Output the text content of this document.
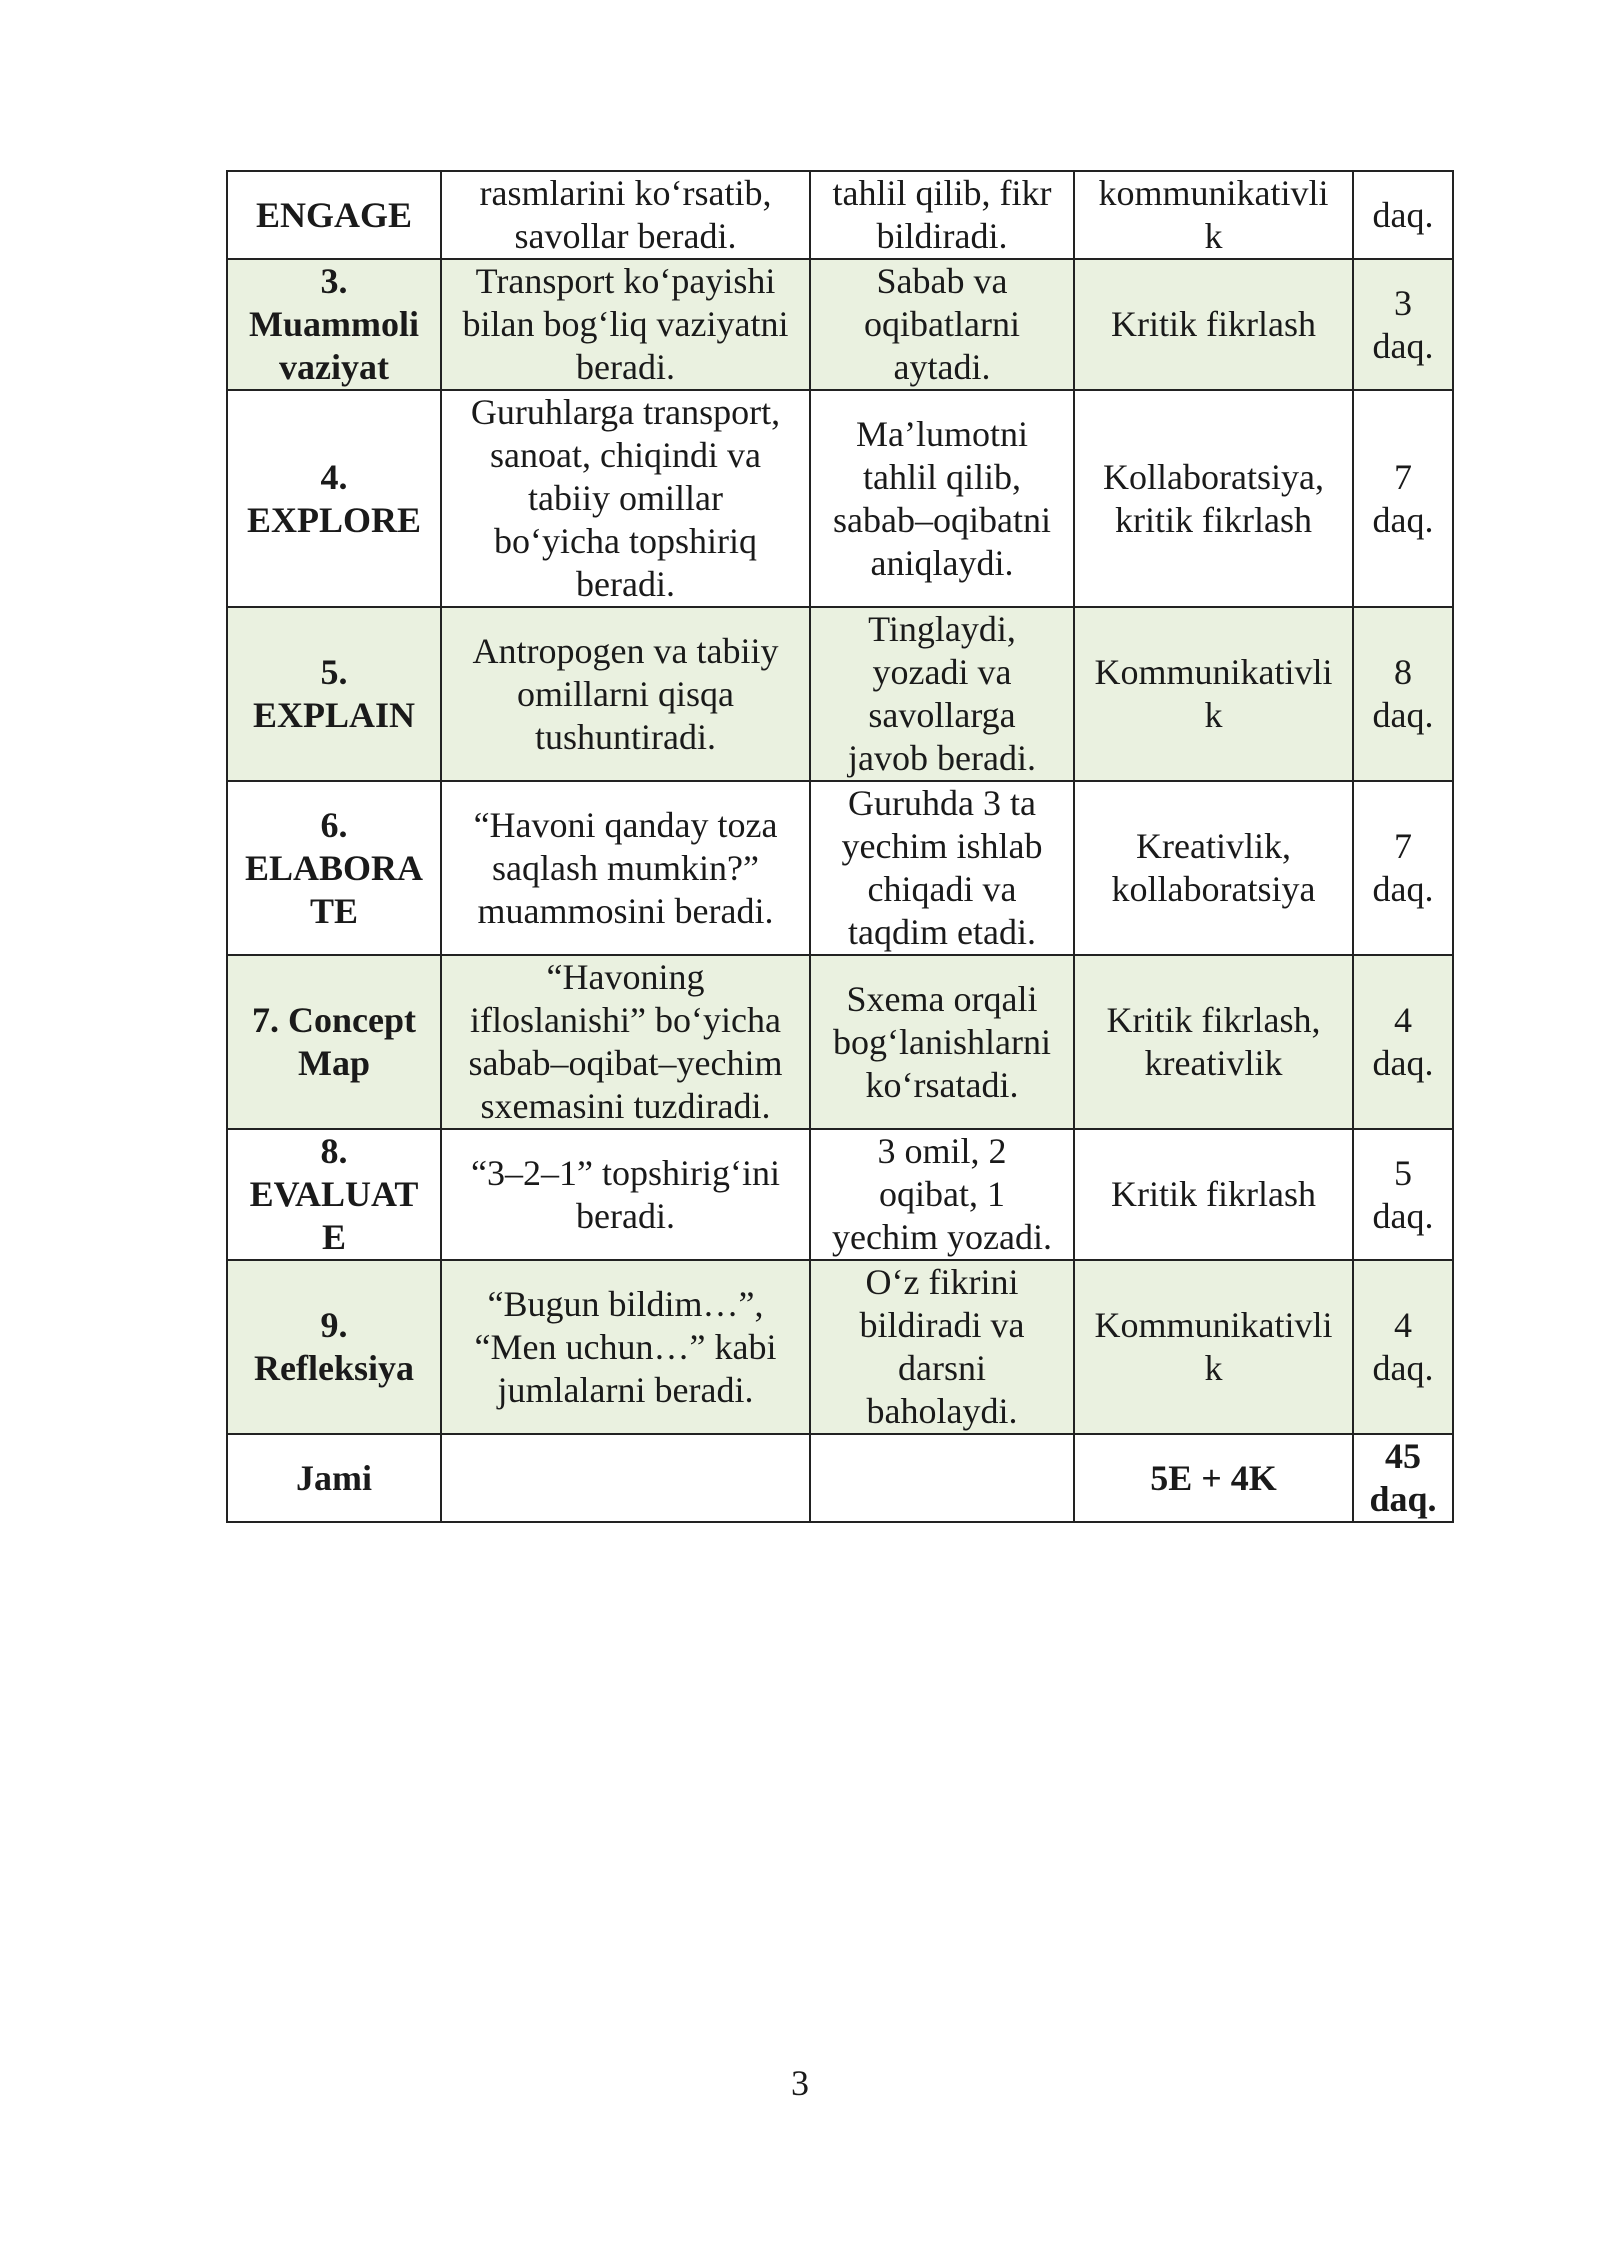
ENGAGE	rasmlarini ko‘rsatib,
savollar beradi.	tahlil qilib, fikr
bildiradi.	kommunikativli
k	daq.
3.
Muammoli
vaziyat	Transport ko‘payishi
bilan bog‘liq vaziyatni
beradi.	Sabab va
oqibatlarni
aytadi.	Kritik fikrlash	3
daq.
4.
EXPLORE	Guruhlarga transport,
sanoat, chiqindi va
tabiiy omillar
bo‘yicha topshiriq
beradi.	Ma’lumotni
tahlil qilib,
sabab–oqibatni
aniqlaydi.	Kollaboratsiya,
kritik fikrlash	7
daq.
5.
EXPLAIN	Antropogen va tabiiy
omillarni qisqa
tushuntiradi.	Tinglaydi,
yozadi va
savollarga
javob beradi.	Kommunikativli
k	8
daq.
6.
ELABORA
TE	“Havoni qanday toza
saqlash mumkin?”
muammosini beradi.	Guruhda 3 ta
yechim ishlab
chiqadi va
taqdim etadi.	Kreativlik,
kollaboratsiya	7
daq.
7. Concept
Map	“Havoning
ifloslanishi” bo‘yicha
sabab–oqibat–yechim
sxemasini tuzdiradi.	Sxema orqali
bog‘lanishlarni
ko‘rsatadi.	Kritik fikrlash,
kreativlik	4
daq.
8.
EVALUAT
E	“3–2–1” topshirig‘ini
beradi.	3 omil, 2
oqibat, 1
yechim yozadi.	Kritik fikrlash	5
daq.
9.
Refleksiya	“Bugun bildim…”,
“Men uchun…” kabi
jumlalarni beradi.	O‘z fikrini
bildiradi va
darsni
baholaydi.	Kommunikativli
k	4
daq.
Jami			5E + 4K	45
daq.
3
